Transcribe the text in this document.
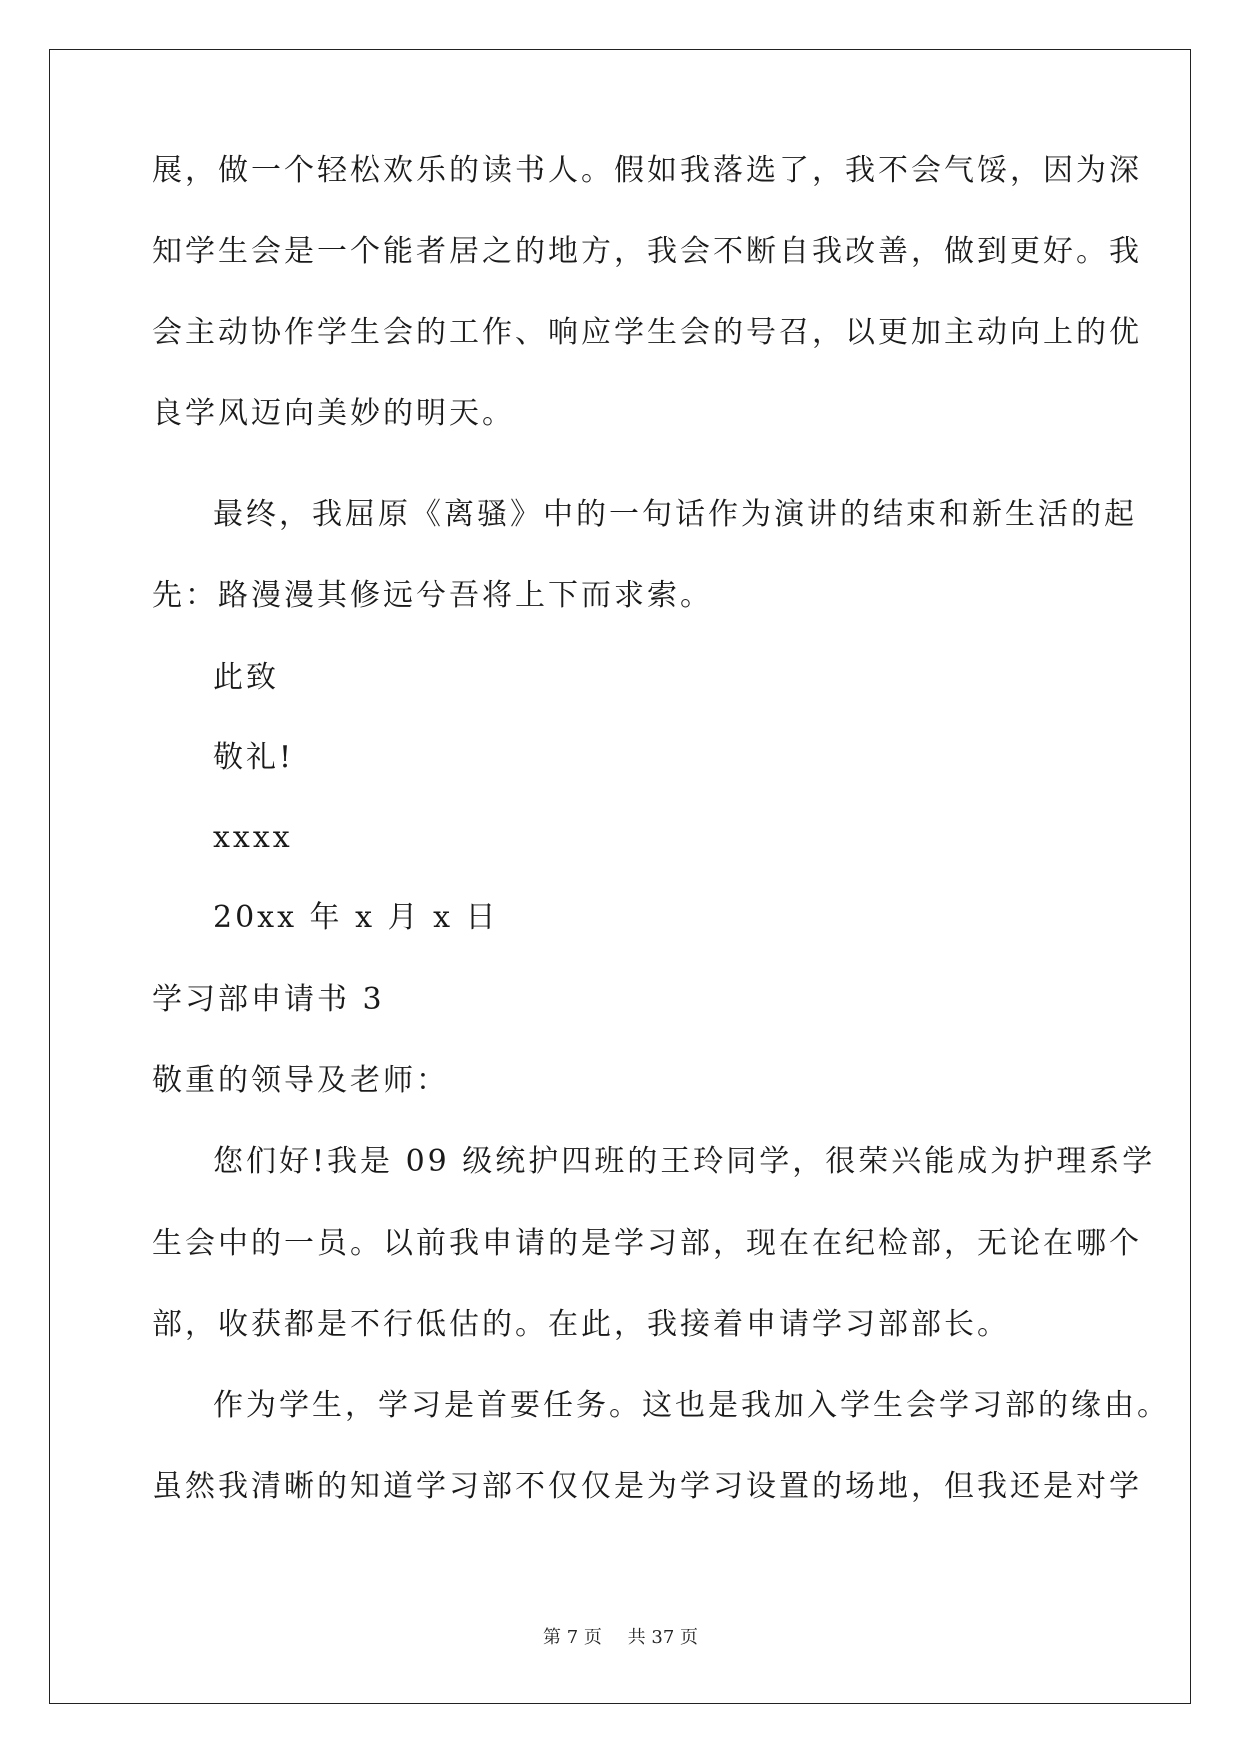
展，做一个轻松欢乐的读书人。假如我落选了，我不会气馁，因为深
知学生会是一个能者居之的地方，我会不断自我改善，做到更好。我
会主动协作学生会的工作、响应学生会的号召，以更加主动向上的优
良学风迈向美妙的明天。
最终，我屈原《离骚》中的一句话作为演讲的结束和新生活的起
先：路漫漫其修远兮吾将上下而求索。
此致
敬礼!
xxxx
20xx 年 x 月 x 日
学习部申请书 3
敬重的领导及老师：
您们好!我是 09 级统护四班的王玲同学，很荣兴能成为护理系学
生会中的一员。以前我申请的是学习部，现在在纪检部，无论在哪个
部，收获都是不行低估的。在此，我接着申请学习部部长。
作为学生，学习是首要任务。这也是我加入学生会学习部的缘由。
虽然我清晰的知道学习部不仅仅是为学习设置的场地，但我还是对学
第 7 页 共 37 页
